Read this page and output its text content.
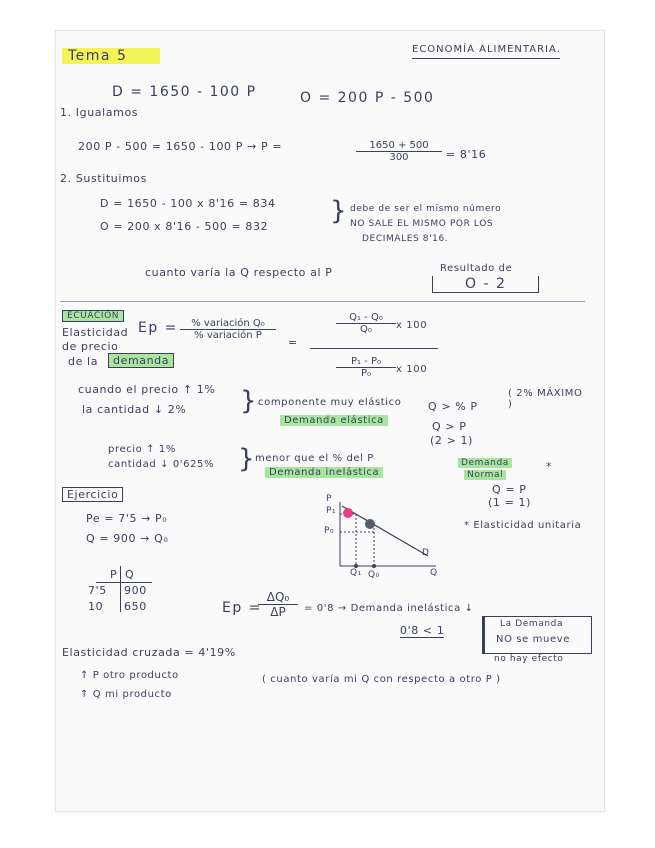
Tema 5	ECONOMÍA ALIMENTARIA.
D = 1650 - 100 P	O = 200 P - 500
1. Igualamos
200 P - 500 = 1650 - 100 P → P =	$\frac{1650 + 500}{300} = 8'16$
2. Sustituimos
D = 1650 - 100 x 8'16 = 834
O = 200 x 8'16 - 500 = 832
} debe de ser el mismo número
NO SALE EL MISMO POR LOS
DECIMALES 8'16.
cuanto varía la Q respecto al P	Resultado de
O - 2
ECUACIÓN
Elasticidad
de precio
de la	demanda
Ep =	% variación Q₀
% variación P
=
$\frac{\text{Q₁ - Q₀}}{\text{Q₀}}$ x 100
$\frac{\text{P₁ - P₀}}{\text{P₀}}$ x 100
cuando el precio ↑ 1%
la cantidad ↓ 2% } componente muy elástico
Demanda elástica
Q > % P
Q > P
(2 > 1)
( 2% MÁXIMO )
precio ↑ 1%
cantidad ↓ 0'625% } menor que el % del P
Demanda inelástica
Demanda
Normal
*
Q = P
(1 = 1)
* Elasticidad unitaria
Ejercicio
Pe = 7'5 → P₀
Q = 900 → Q₀
P
P₁
P₀
Q₁ Q₀	Q
D
P Q
7'5 900
10 650	Ep =
$\frac{\text{ΔQ₀}}{\Delta P} = 0'8$ → Demanda inelástica ↓
0'8 < 1	La Demanda
NO se mueve
no hay efecto
Elasticidad cruzada = 4'19%
↑ P otro producto
↑ Q mi producto
( cuanto varía mi Q con respecto a otro P )
